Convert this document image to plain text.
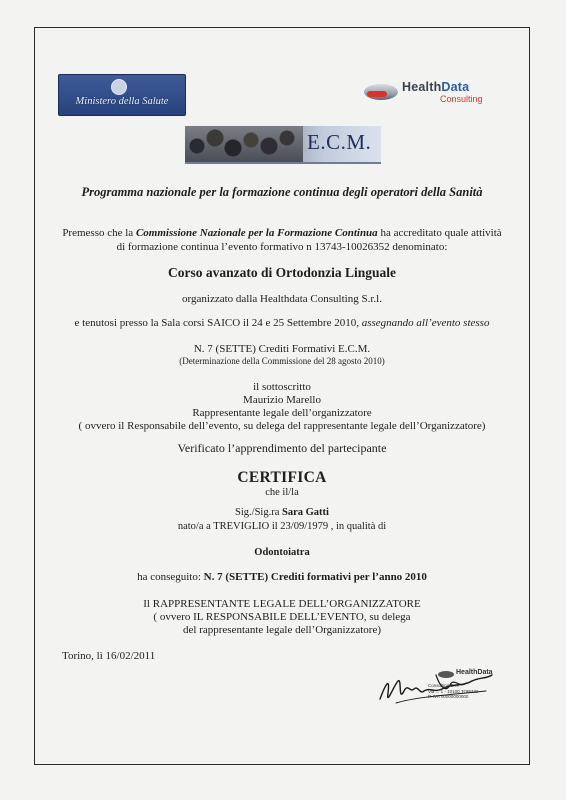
Ministero della Salute
HealthData
Consulting
E.C.M.
Programma nazionale per la formazione continua degli operatori della Sanità
Premesso che la Commissione Nazionale per la Formazione Continua ha accreditato quale attività
di formazione continua l’evento formativo n 13743-10026352 denominato:
Corso avanzato di Ortodonzia Linguale
organizzato dalla Healthdata Consulting S.r.l.
e tenutosi presso la Sala corsi SAICO il 24 e 25 Settembre 2010, assegnando all’evento stesso
N. 7 (SETTE) Crediti Formativi E.C.M.
(Determinazione della Commissione del 28 agosto 2010)
il sottoscritto
Maurizio Marello
Rappresentante legale dell’organizzatore
( ovvero il Responsabile dell’evento, su delega del rappresentante legale dell’Organizzatore)
Verificato l’apprendimento del partecipante
CERTIFICA
che il/la
Sig./Sig.ra Sara Gatti
nato/a a TREVIGLIO il 23/09/1979 , in qualità di
Odontoiatra
ha conseguito: N. 7 (SETTE) Crediti formativi per l’anno 2010
Il RAPPRESENTANTE LEGALE DELL’ORGANIZZATORE
( ovvero IL RESPONSABILE DELL’EVENTO, su delega
del rappresentante legale dell’Organizzatore)
Torino, lì 16/02/2011
HealthData
Consulting S.r.l.
Via ... 1 - 10100 TORINO
P. IVA 00000000000
